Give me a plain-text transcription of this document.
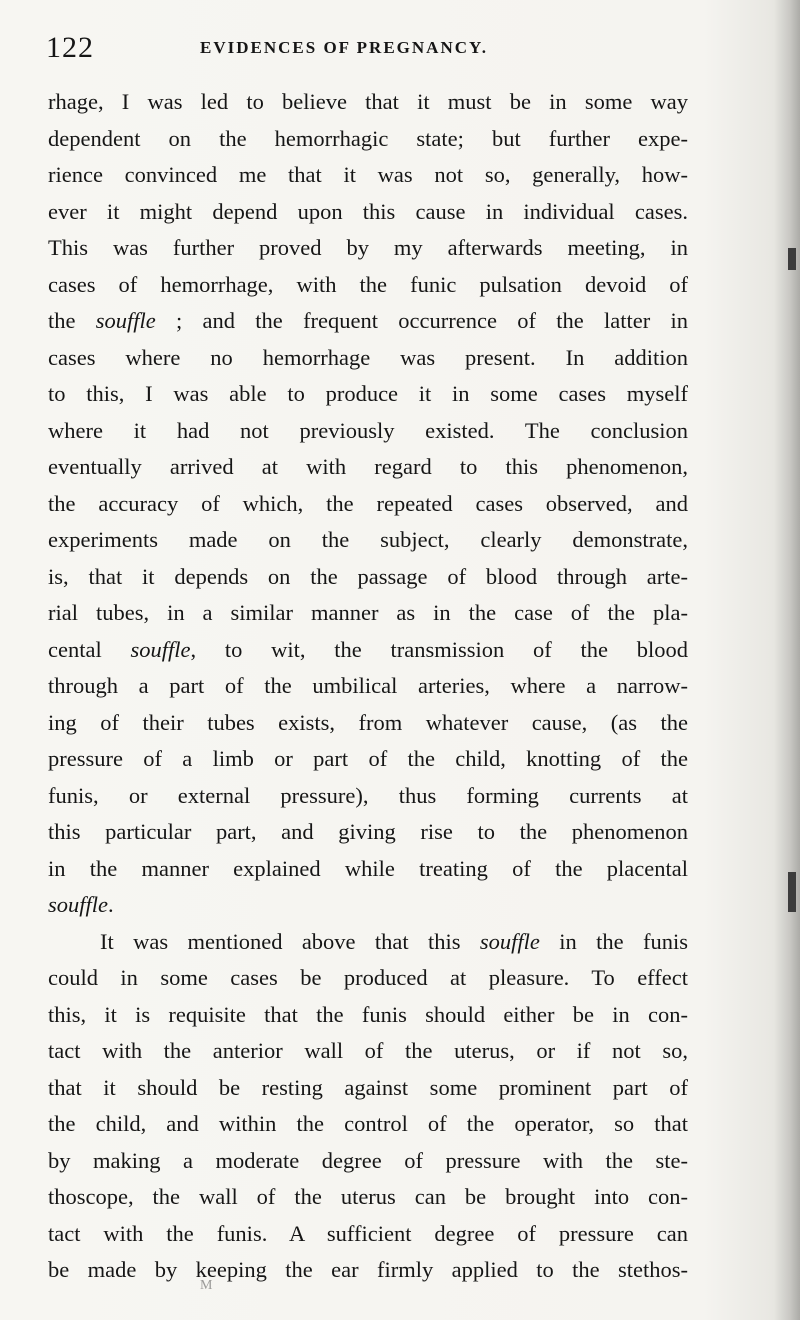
122	EVIDENCES OF PREGNANCY.
rhage, I was led to believe that it must be in some way
dependent on the hemorrhagic state; but further expe-
rience convinced me that it was not so, generally, how-
ever it might depend upon this cause in individual cases.
This was further proved by my afterwards meeting, in
cases of hemorrhage, with the funic pulsation devoid of
the souffle ; and the frequent occurrence of the latter in
cases where no hemorrhage was present. In addition
to this, I was able to produce it in some cases myself
where it had not previously existed. The conclusion
eventually arrived at with regard to this phenomenon,
the accuracy of which, the repeated cases observed, and
experiments made on the subject, clearly demonstrate,
is, that it depends on the passage of blood through arte-
rial tubes, in a similar manner as in the case of the pla-
cental souffle, to wit, the transmission of the blood
through a part of the umbilical arteries, where a narrow-
ing of their tubes exists, from whatever cause, (as the
pressure of a limb or part of the child, knotting of the
funis, or external pressure), thus forming currents at
this particular part, and giving rise to the phenomenon
in the manner explained while treating of the placental
souffle.
It was mentioned above that this souffle in the funis
could in some cases be produced at pleasure. To effect
this, it is requisite that the funis should either be in con-
tact with the anterior wall of the uterus, or if not so,
that it should be resting against some prominent part of
the child, and within the control of the operator, so that
by making a moderate degree of pressure with the ste-
thoscope, the wall of the uterus can be brought into con-
tact with the funis. A sufficient degree of pressure can
be made by keeping the ear firmly applied to the stethos-
M
